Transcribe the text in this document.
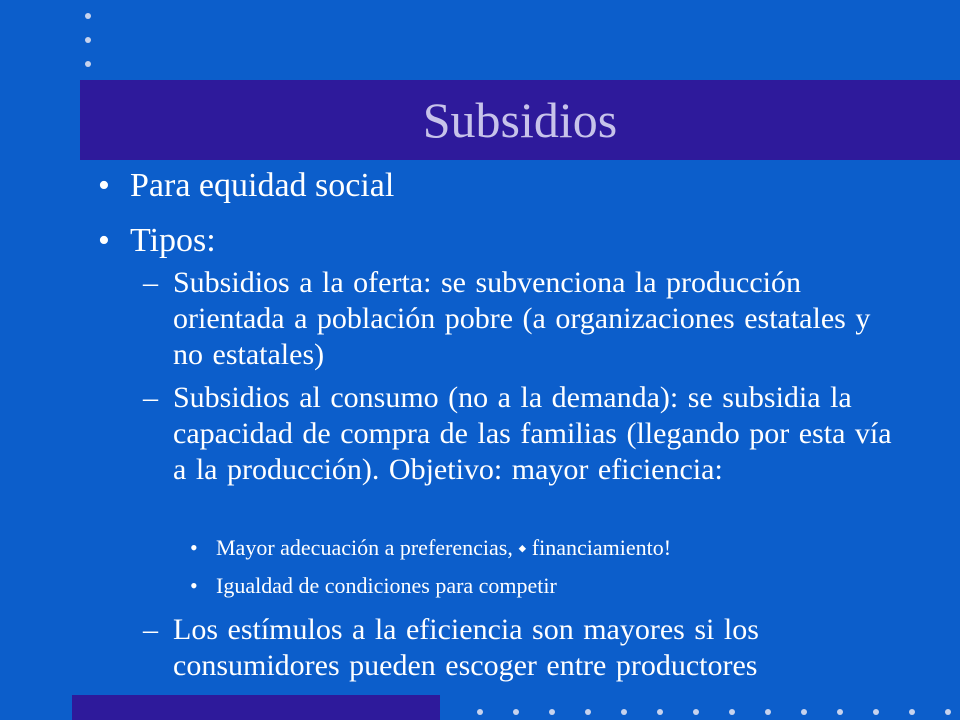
Subsidios
• Para equidad social
• Tipos:
– Subsidios a la oferta: se subvenciona la producción orientada a población pobre (a organizaciones estatales y no estatales)
– Subsidios al consumo (no a la demanda): se subsidia la capacidad de compra de las familias (llegando por esta vía a la producción). Objetivo: mayor eficiencia:
• Mayor adecuación a preferencias, ⬩ financiamiento!
• Igualdad de condiciones para competir
– Los estímulos a la eficiencia son mayores si los consumidores pueden escoger entre productores
